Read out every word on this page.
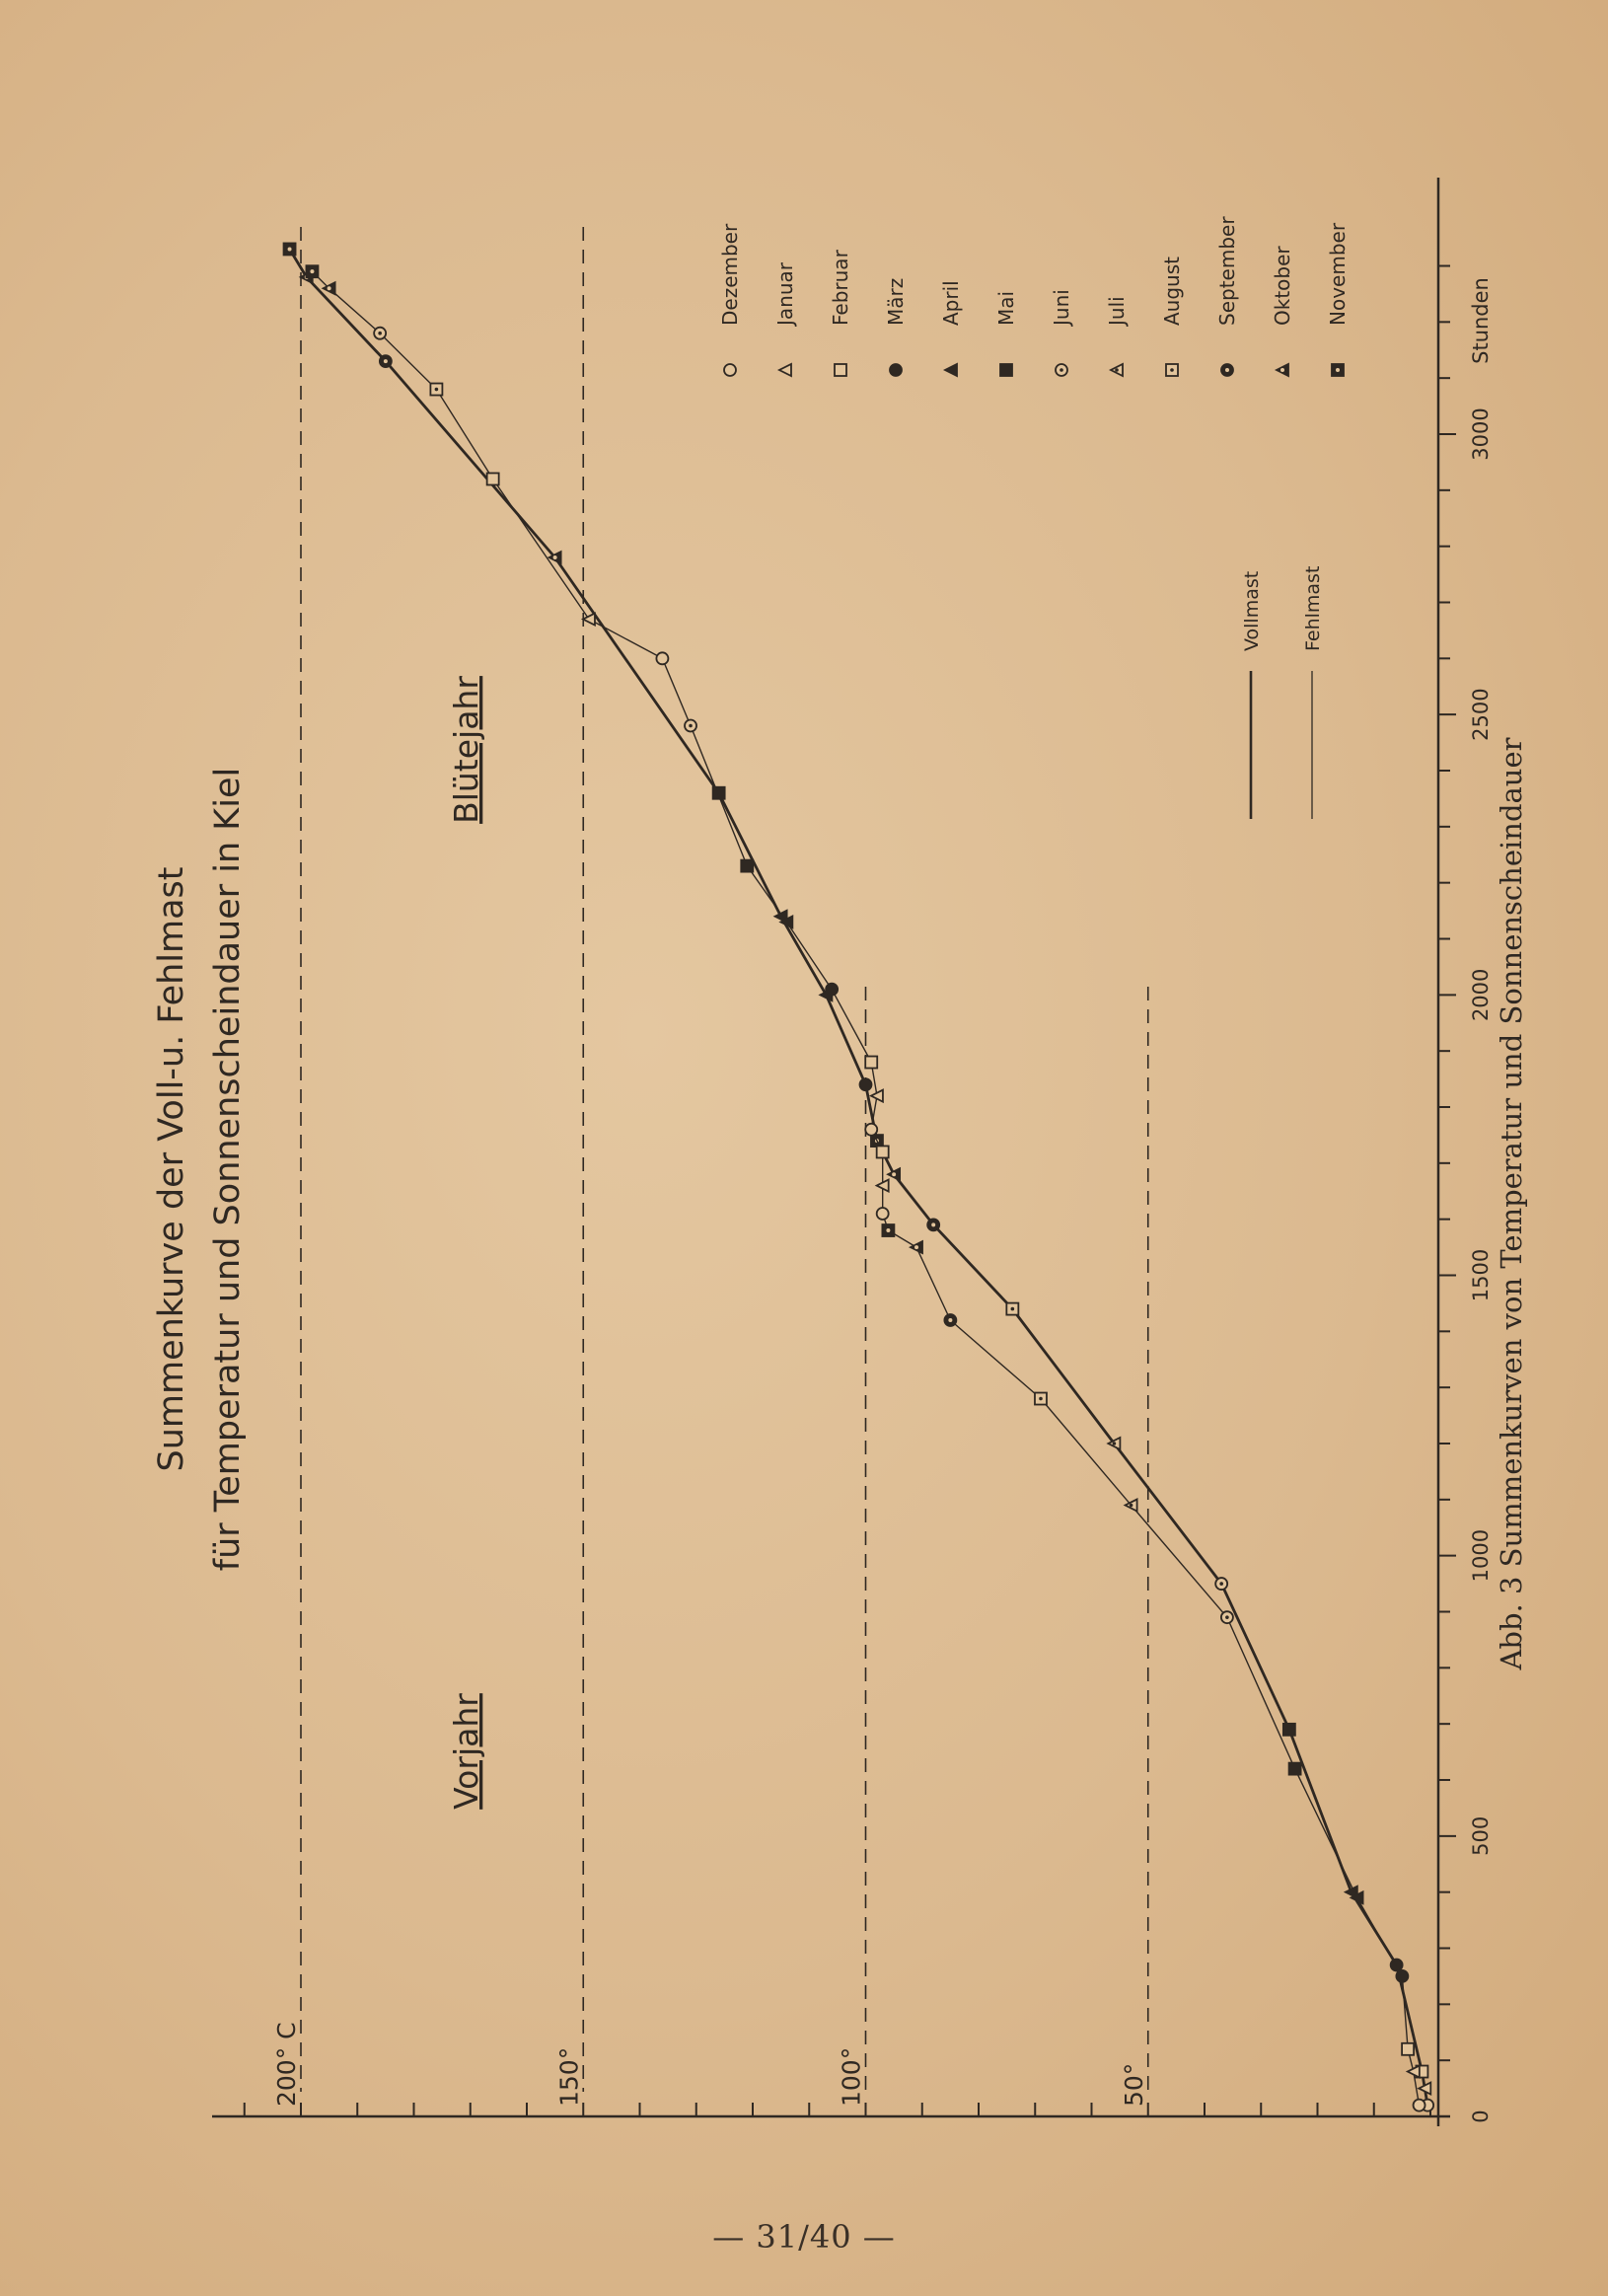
0
500
1000
1500
2000
2500
3000
Stunden
50°
100°
150°
200° C
Dezember Januar Februar März April Mai Juni Juli August September Oktober November
Vollmast Fehlmast
Summenkurve der Voll-u. Fehlmast für Temperatur und Sonnenscheindauer in Kiel
Vorjahr
Blütejahr	Abb. 3 Summenkurven von Temperatur und Sonnenscheindauer
— 31/40 —
